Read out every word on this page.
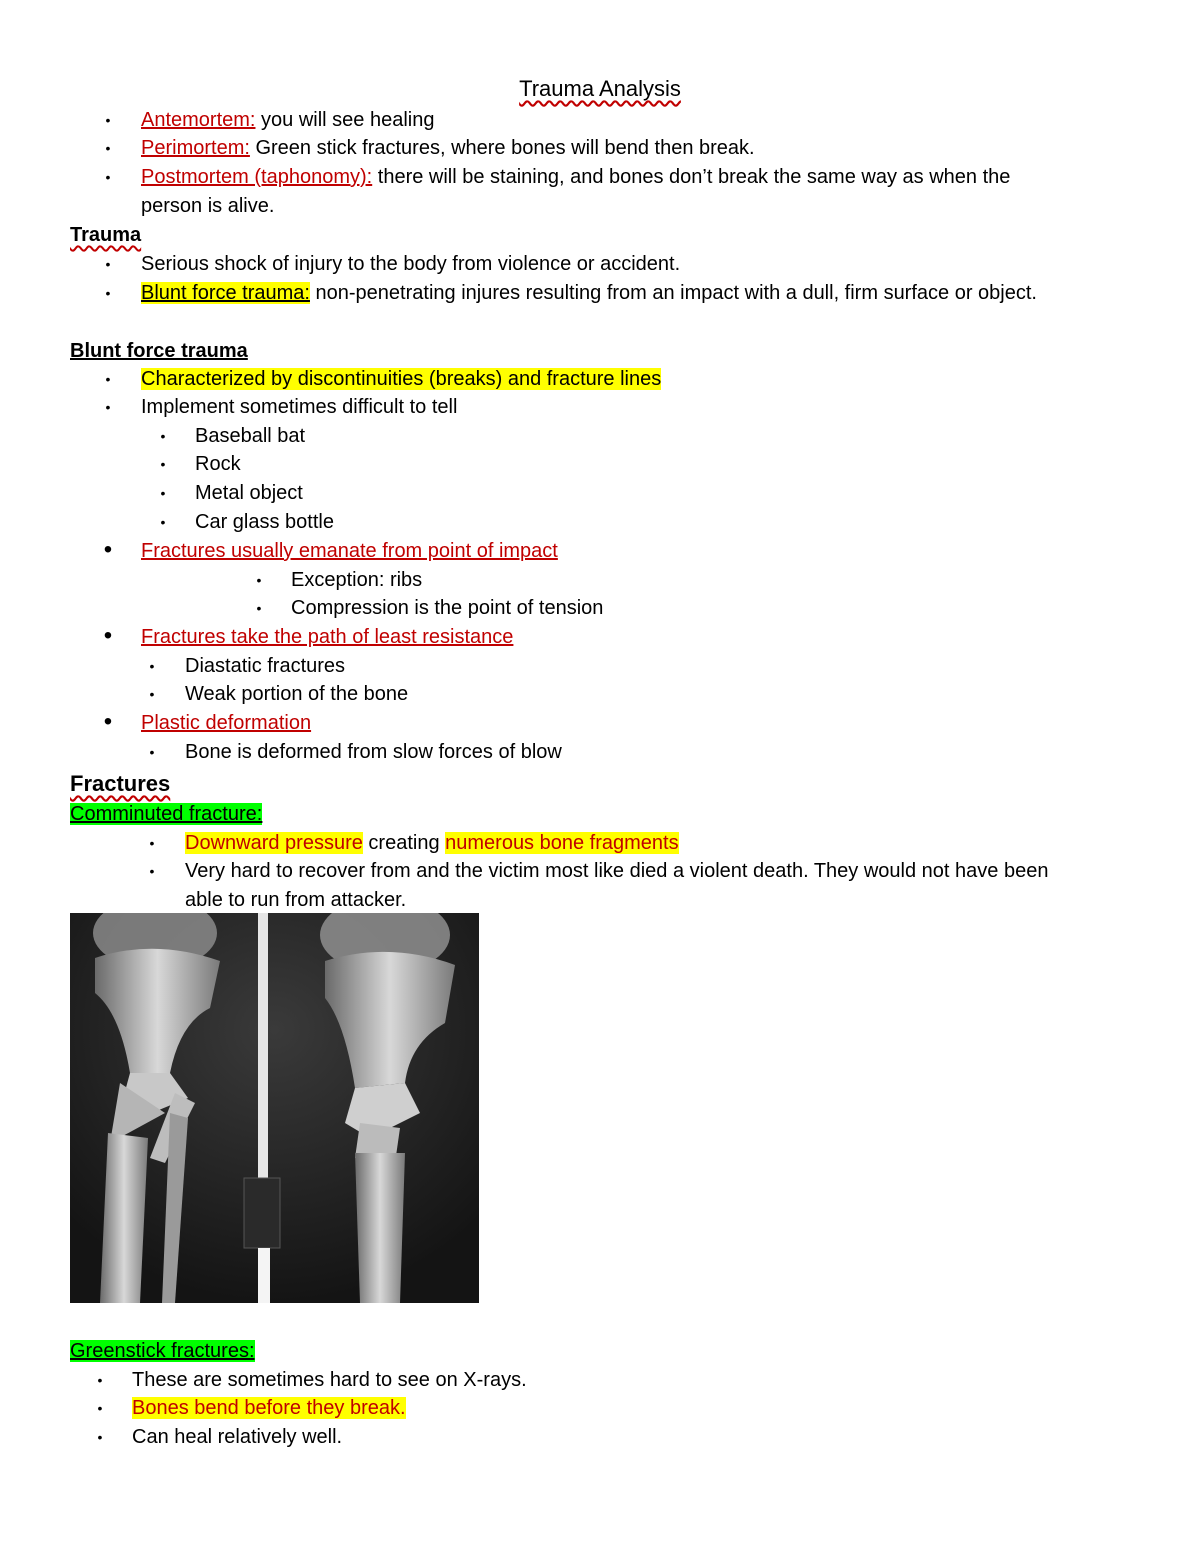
Trauma Analysis
• Antemortem: you will see healing
• Perimortem: Green stick fractures, where bones will bend then break.
• Postmortem (taphonomy): there will be staining, and bones don’t break the same way as when the
person is alive.
Trauma
• Serious shock of injury to the body from violence or accident.
• Blunt force trauma: non-penetrating injures resulting from an impact with a dull, firm surface or object.
Blunt force trauma
• Characterized by discontinuities (breaks) and fracture lines
• Implement sometimes difficult to tell
• Baseball bat
• Rock
• Metal object
• Car glass bottle
• Fractures usually emanate from point of impact
• Exception: ribs
• Compression is the point of tension
• Fractures take the path of least resistance
• Diastatic fractures
• Weak portion of the bone
• Plastic deformation
• Bone is deformed from slow forces of blow
Fractures
Comminuted fracture:
• Downward pressure creating numerous bone fragments
• Very hard to recover from and the victim most like died a violent death. They would not have been
able to run from attacker.
Greenstick fractures:
• These are sometimes hard to see on X-rays.
• Bones bend before they break.
• Can heal relatively well.
